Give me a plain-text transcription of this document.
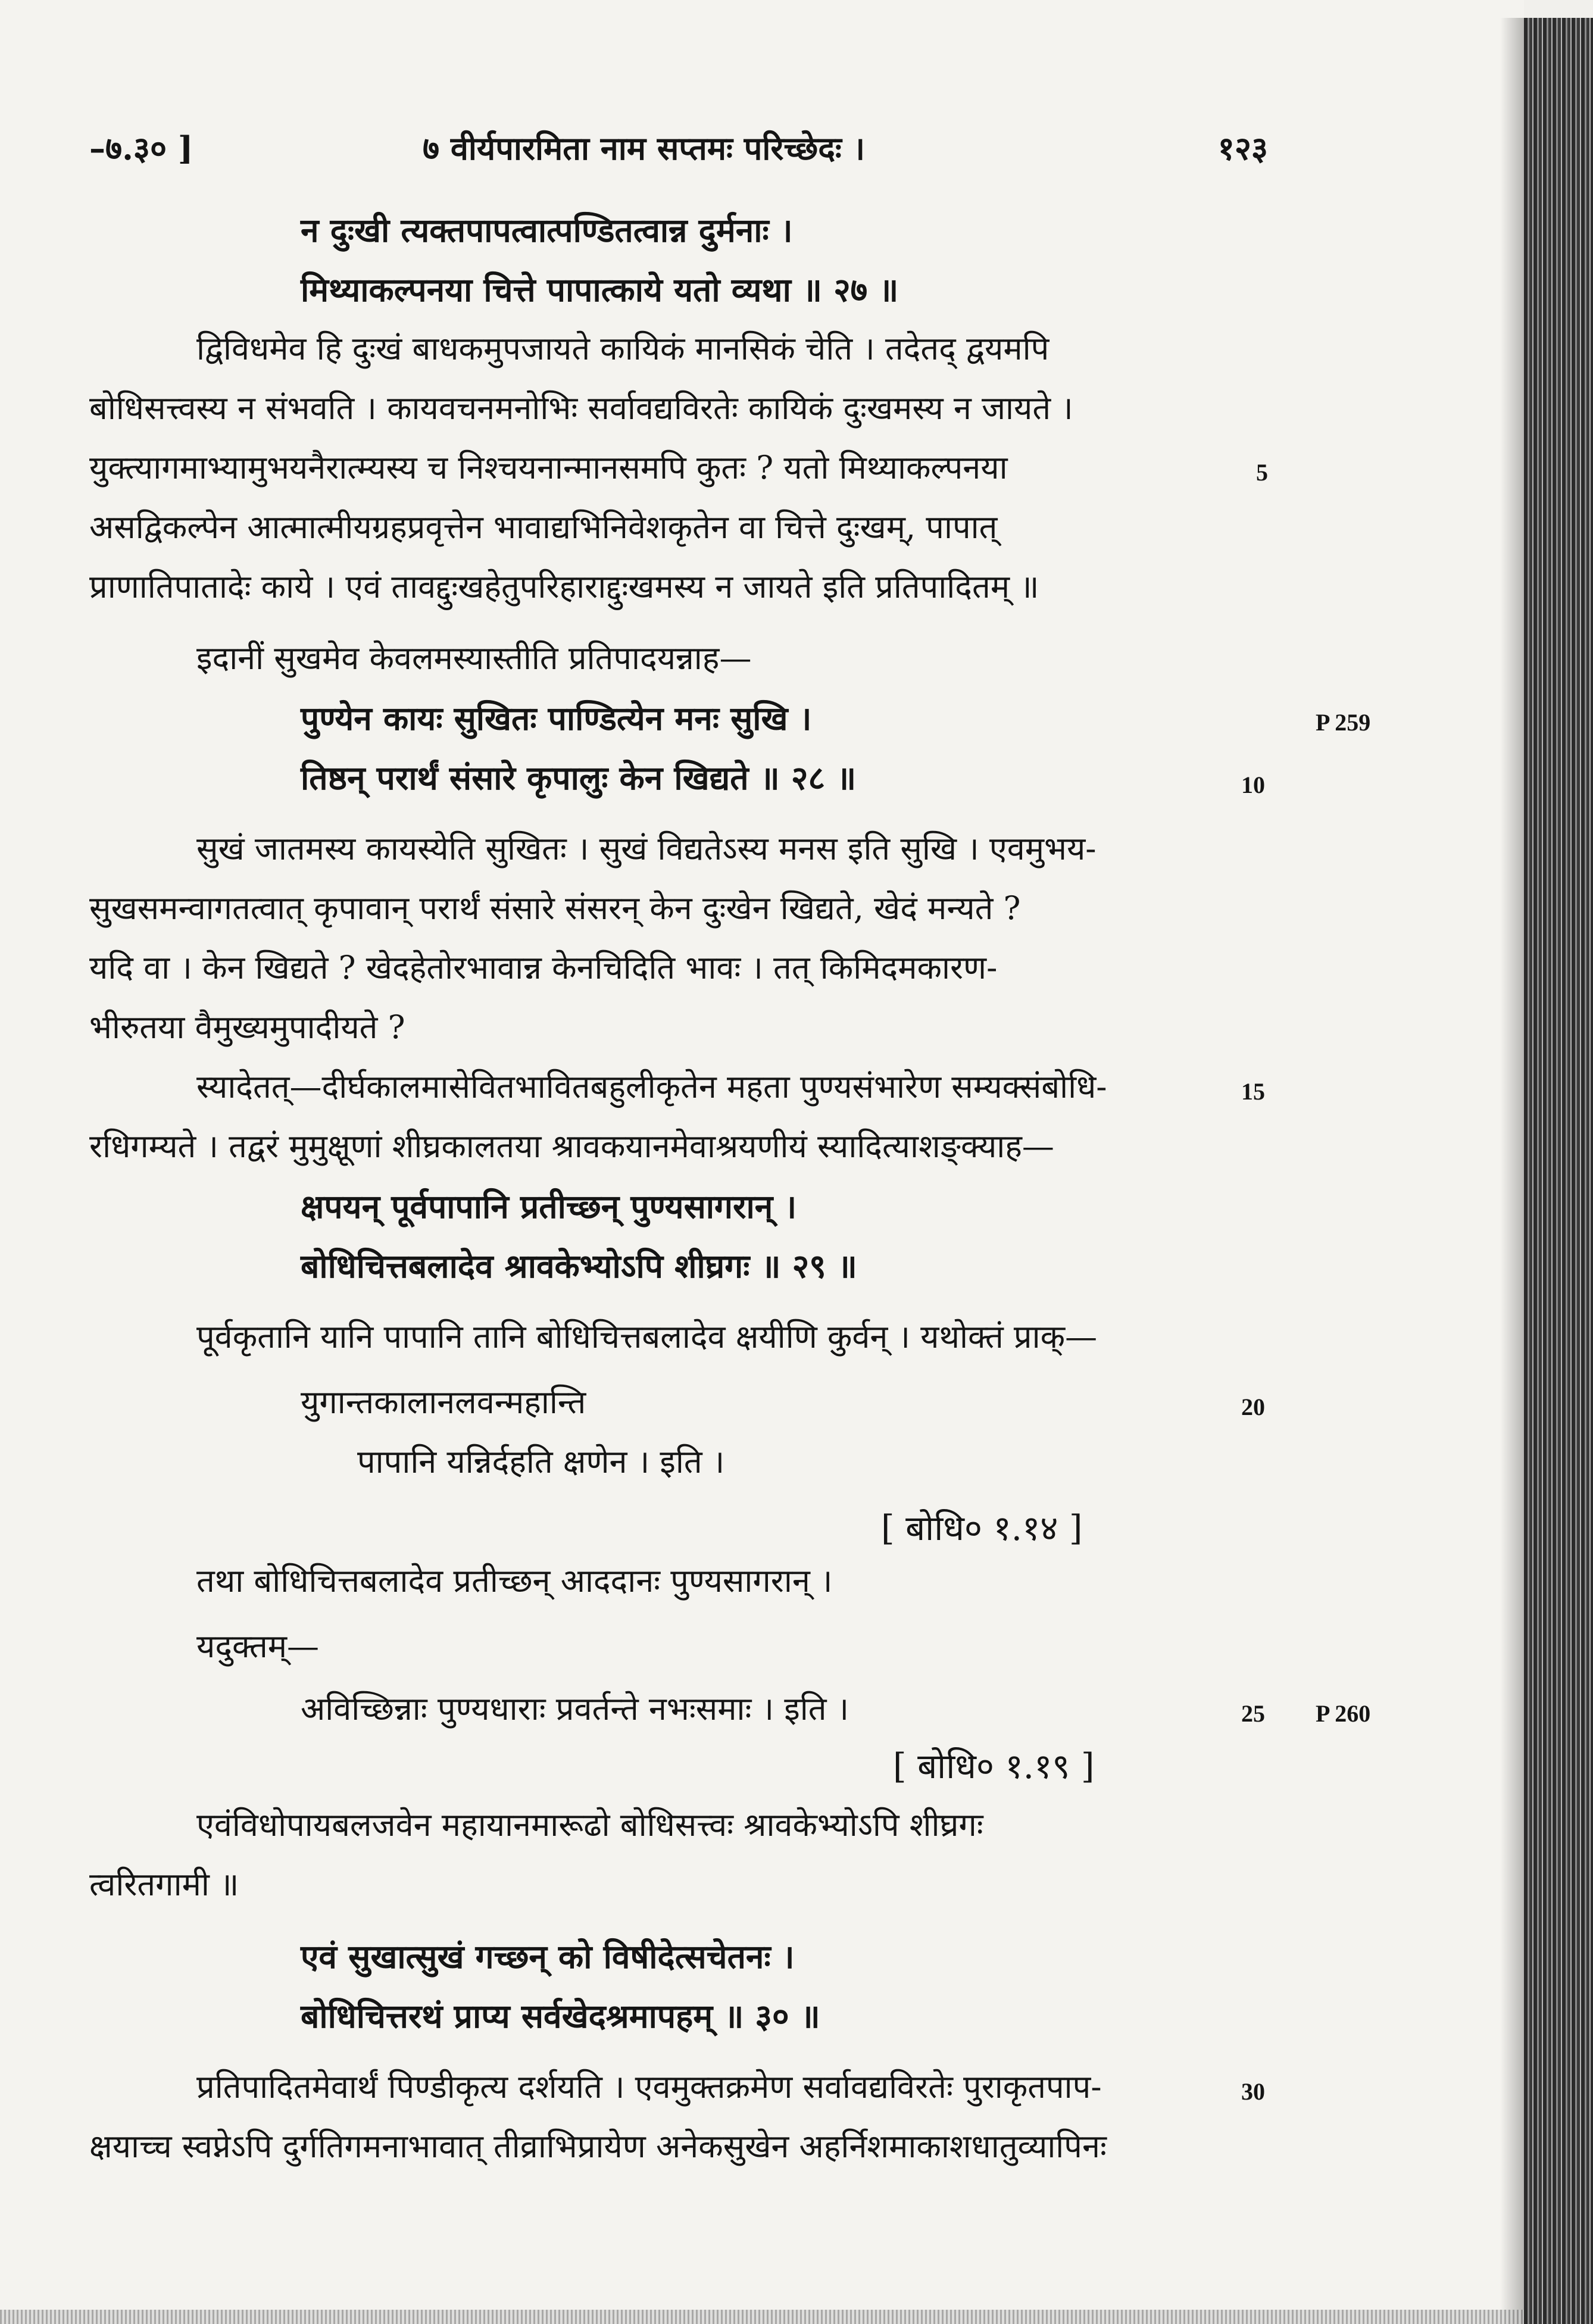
–७.३० ]	७ वीर्यपारमिता नाम सप्तमः परिच्छेदः ।	१२३
न दुःखी त्यक्तपापत्वात्पण्डितत्वान्न दुर्मनाः ।
मिथ्याकल्पनया चित्ते पापात्काये यतो व्यथा ॥ २७ ॥
द्विविधमेव हि दुःखं बाधकमुपजायते कायिकं मानसिकं चेति । तदेतद् द्वयमपि
बोधिसत्त्वस्य न संभवति । कायवचनमनोभिः सर्वावद्यविरतेः कायिकं दुःखमस्य न जायते ।
युक्त्यागमाभ्यामुभयनैरात्म्यस्य च निश्चयनान्मानसमपि कुतः ? यतो मिथ्याकल्पनया	5
असद्विकल्पेन आत्मात्मीयग्रहप्रवृत्तेन भावाद्यभिनिवेशकृतेन वा चित्ते दुःखम्, पापात्
प्राणातिपातादेः काये । एवं तावद्दुःखहेतुपरिहाराद्दुःखमस्य न जायते इति प्रतिपादितम् ॥
इदानीं सुखमेव केवलमस्यास्तीति प्रतिपादयन्नाह—
पुण्येन कायः सुखितः पाण्डित्येन मनः सुखि ।	P 259
तिष्ठन् परार्थं संसारे कृपालुः केन खिद्यते ॥ २८ ॥	10
सुखं जातमस्य कायस्येति सुखितः । सुखं विद्यतेऽस्य मनस इति सुखि । एवमुभय-
सुखसमन्वागतत्वात् कृपावान् परार्थं संसारे संसरन् केन दुःखेन खिद्यते, खेदं मन्यते ?
यदि वा । केन खिद्यते ? खेदहेतोरभावान्न केनचिदिति भावः । तत् किमिदमकारण-
भीरुतया वैमुख्यमुपादीयते ?
स्यादेतत्—दीर्घकालमासेवितभावितबहुलीकृतेन महता पुण्यसंभारेण सम्यक्संबोधि-	15
रधिगम्यते । तद्वरं मुमुक्षूणां शीघ्रकालतया श्रावकयानमेवाश्रयणीयं स्यादित्याशङ्क्याह—
क्षपयन् पूर्वपापानि प्रतीच्छन् पुण्यसागरान् ।
बोधिचित्तबलादेव श्रावकेभ्योऽपि शीघ्रगः ॥ २९ ॥
पूर्वकृतानि यानि पापानि तानि बोधिचित्तबलादेव क्षयीणि कुर्वन् । यथोक्तं प्राक्—
युगान्तकालानलवन्महान्ति	20
पापानि यन्निर्दहति क्षणेन । इति ।
[ बोधि० १.१४ ]
तथा बोधिचित्तबलादेव प्रतीच्छन् आददानः पुण्यसागरान् ।
यदुक्तम्—
अविच्छिन्नाः पुण्यधाराः प्रवर्तन्ते नभःसमाः । इति ।	25 P 260
[ बोधि० १.१९ ]
एवंविधोपायबलजवेन महायानमारूढो बोधिसत्त्वः श्रावकेभ्योऽपि शीघ्रगः
त्वरितगामी ॥
एवं सुखात्सुखं गच्छन् को विषीदेत्सचेतनः ।
बोधिचित्तरथं प्राप्य सर्वखेदश्रमापहम् ॥ ३० ॥
प्रतिपादितमेवार्थं पिण्डीकृत्य दर्शयति । एवमुक्तक्रमेण सर्वावद्यविरतेः पुराकृतपाप-	30
क्षयाच्च स्वप्नेऽपि दुर्गतिगमनाभावात् तीव्राभिप्रायेण अनेकसुखेन अहर्निशमाकाशधातुव्यापिनः
